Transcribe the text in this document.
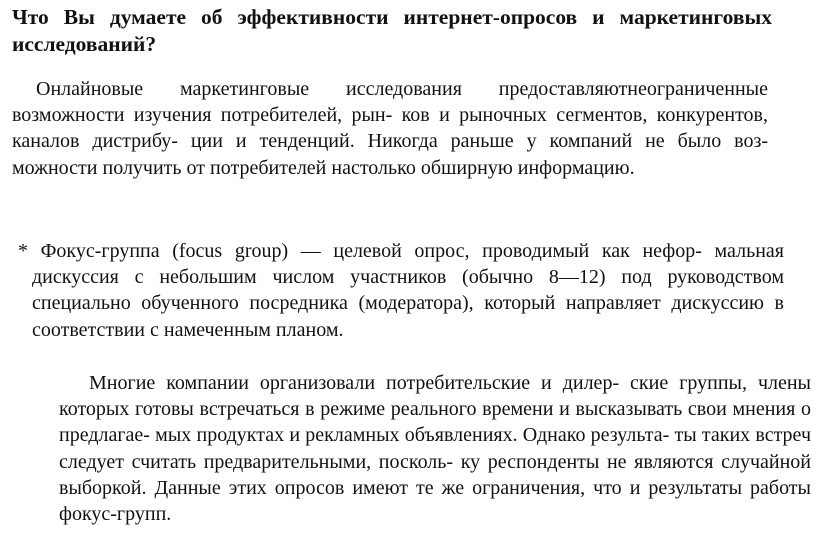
Что Вы думаете об эффективности интернет-опросов и маркетинговых исследований?

Онлайновые маркетинговые исследования предоставляютнеограниченные возможности изучения потребителей, рын- ков и рыночных сегментов, конкурентов, каналов дистрибу- ции и тенденций. Никогда раньше у компаний не было воз- можности получить от потребителей настолько обширную информацию.

* Фокус-группа (focus group) — целевой опрос, проводимый как нефор- мальная дискуссия с небольшим числом участников (обычно 8—12) под руководством специально обученного посредника (модератора), который направляет дискуссию в соответствии с намеченным планом.

Многие компании организовали потребительские и дилер- ские группы, члены которых готовы встречаться в режиме реального времени и высказывать свои мнения о предлагае- мых продуктах и рекламных объявлениях. Однако результа- ты таких встреч следует считать предварительными, посколь- ку респонденты не являются случайной выборкой. Данные этих опросов имеют те же ограничения, что и результаты работы фокус-групп.
